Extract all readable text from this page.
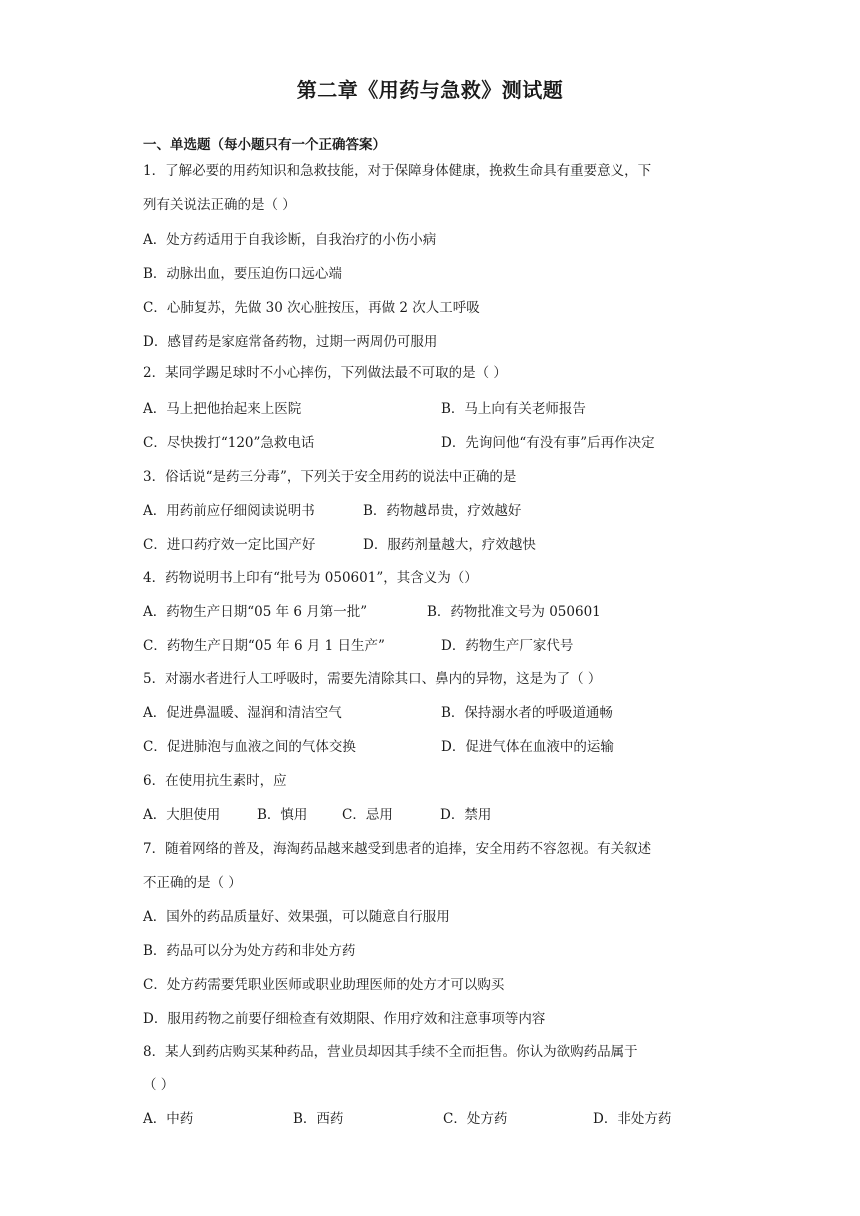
第二章《用药与急救》测试题
一、单选题（每小题只有一个正确答案）
1．了解必要的用药知识和急救技能，对于保障身体健康，挽救生命具有重要意义，下
列有关说法正确的是（ ）
A．处方药适用于自我诊断，自我治疗的小伤小病
B．动脉出血，要压迫伤口远心端
C．心肺复苏，先做 30 次心脏按压，再做 2 次人工呼吸
D．感冒药是家庭常备药物，过期一两周仍可服用
2．某同学踢足球时不小心摔伤，下列做法最不可取的是（ ）
A．马上把他抬起来上医院	B．马上向有关老师报告
C．尽快拨打“120”急救电话	D．先询问他“有没有事”后再作决定
3．俗话说“是药三分毒”，下列关于安全用药的说法中正确的是
A．用药前应仔细阅读说明书	B．药物越昂贵，疗效越好
C．进口药疗效一定比国产好	D．服药剂量越大，疗效越快
4．药物说明书上印有“批号为 050601”，其含义为（）
A．药物生产日期“05 年 6 月第一批”	B．药物批准文号为 050601
C．药物生产日期“05 年 6 月 1 日生产”	D．药物生产厂家代号
5．对溺水者进行人工呼吸时，需要先清除其口、鼻内的异物，这是为了（ ）
A．促进鼻温暖、湿润和清洁空气	B．保持溺水者的呼吸道通畅
C．促进肺泡与血液之间的气体交换	D．促进气体在血液中的运输
6．在使用抗生素时，应
A．大胆使用	B．慎用	C．忌用	D．禁用
7．随着网络的普及，海淘药品越来越受到患者的追捧，安全用药不容忽视。有关叙述
不正确的是（ ）
A．国外的药品质量好、效果强，可以随意自行服用
B．药品可以分为处方药和非处方药
C．处方药需要凭职业医师或职业助理医师的处方才可以购买
D．服用药物之前要仔细检查有效期限、作用疗效和注意事项等内容
8．某人到药店购买某种药品，营业员却因其手续不全而拒售。你认为欲购药品属于
（ ）
A．中药	B．西药	C．处方药	D．非处方药
